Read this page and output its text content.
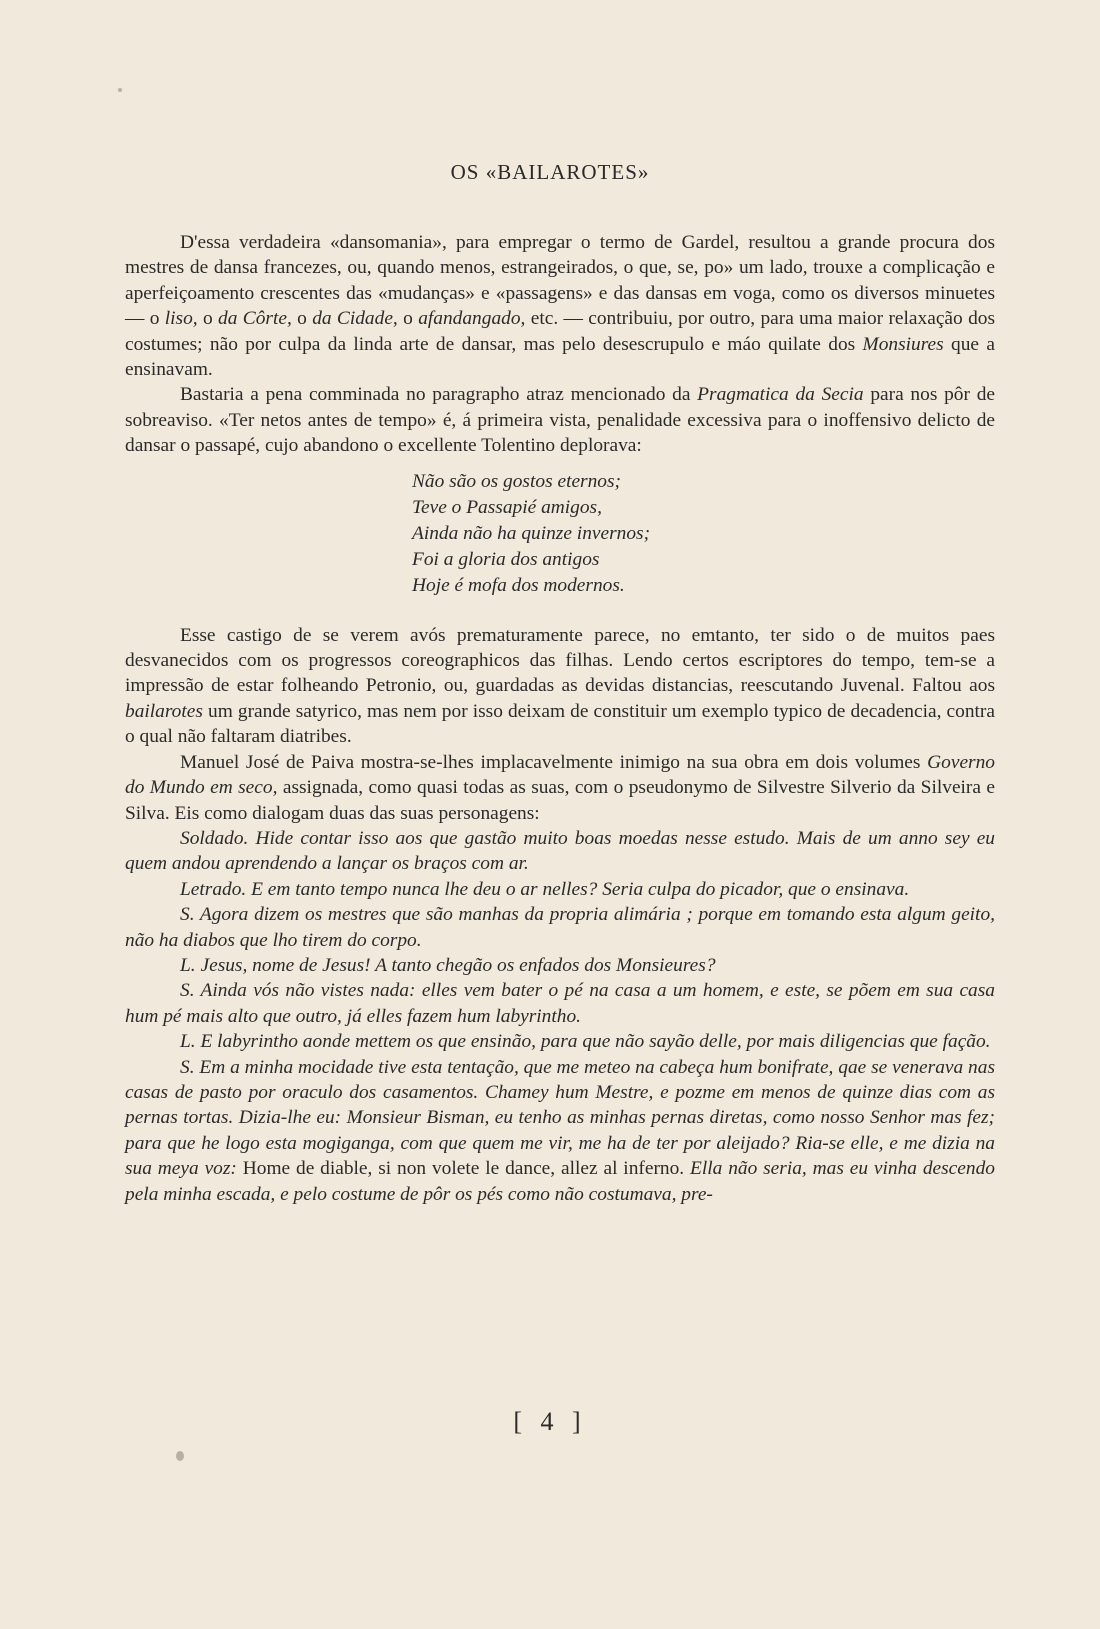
OS «BAILAROTES»

D'essa verdadeira «dansomania», para empregar o termo de Gardel, resultou a grande procura dos mestres de dansa francezes, ou, quando menos, estrangeirados, o que, se, po» um lado, trouxe a complicação e aperfeiçoamento crescentes das «mudanças» e «passagens» e das dansas em voga, como os diversos minuetes — o liso, o da Côrte, o da Cidade, o afandangado, etc. — contribuiu, por outro, para uma maior relaxação dos costumes; não por culpa da linda arte de dansar, mas pelo desescrupulo e máo quilate dos Monsiures que a ensinavam.

Bastaria a pena comminada no paragrapho atraz mencionado da Pragmatica da Secia para nos pôr de sobreaviso. «Ter netos antes de tempo» é, á primeira vista, penalidade excessiva para o inoffensivo delicto de dansar o passapé, cujo abandono o excellente Tolentino deplorava:

Não são os gostos eternos;
Teve o Passapié amigos,
Ainda não ha quinze invernos;
Foi a gloria dos antigos
Hoje é mofa dos modernos.

Esse castigo de se verem avós prematuramente parece, no emtanto, ter sido o de muitos paes desvanecidos com os progressos coreographicos das filhas. Lendo certos escriptores do tempo, tem-se a impressão de estar folheando Petronio, ou, guardadas as devidas distancias, reescutando Juvenal. Faltou aos bailarotes um grande satyrico, mas nem por isso deixam de constituir um exemplo typico de decadencia, contra o qual não faltaram diatribes.

Manuel José de Paiva mostra-se-lhes implacavelmente inimigo na sua obra em dois volumes Governo do Mundo em seco, assignada, como quasi todas as suas, com o pseudonymo de Silvestre Silverio da Silveira e Silva. Eis como dialogam duas das suas personagens:

Soldado. Hide contar isso aos que gastão muito boas moedas nesse estudo. Mais de um anno sey eu quem andou aprendendo a lançar os braços com ar.

Letrado. E em tanto tempo nunca lhe deu o ar nelles? Seria culpa do picador, que o ensinava.

S. Agora dizem os mestres que são manhas da propria alimária ; porque em tomando esta algum geito, não ha diabos que lho tirem do corpo.

L. Jesus, nome de Jesus! A tanto chegão os enfados dos Monsieures?

S. Ainda vós não vistes nada: elles vem bater o pé na casa a um homem, e este, se põem em sua casa hum pé mais alto que outro, já elles fazem hum labyrintho.

L. E labyrintho aonde mettem os que ensinão, para que não sayão delle, por mais diligencias que fação.

S. Em a minha mocidade tive esta tentação, que me meteo na cabeça hum bonifrate, qae se venerava nas casas de pasto por oraculo dos casamentos. Chamey hum Mestre, e pozme em menos de quinze dias com as pernas tortas. Dizia-lhe eu: Monsieur Bisman, eu tenho as minhas pernas diretas, como nosso Senhor mas fez; para que he logo esta mogiganga, com que quem me vir, me ha de ter por aleijado? Ria-se elle, e me dizia na sua meya voz: Home de diable, si non volete le dance, allez al inferno. Ella não seria, mas eu vinha descendo pela minha escada, e pelo costume de pôr os pés como não costumava, pre-

[ 4 ]
